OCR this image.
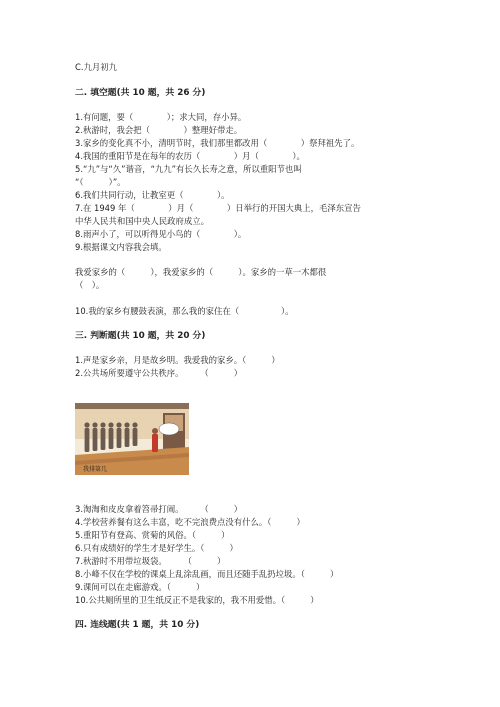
C.九月初九
二. 填空题(共 10 题，共 26 分)
1.有问题，要（　　　　）；求大同，存小异。
2.秋游时，我会把（　　　　）整理好带走。
3.家乡的变化真不小，清明节时，我们那里都改用（　　　　）祭拜祖先了。
4.我国的重阳节是在每年的农历（　　　　）月（　　　　）。
5.“九”与“久”谐音，“九九”有长久长寿之意，所以重阳节也叫
“（　　　）”。
6.我们共同行动，让教室更（　　　　）。
7.在 1949 年（　　　　）月（　　　　）日举行的开国大典上，毛泽东宣告
中华人民共和国中央人民政府成立。
8.雨声小了，可以听得见小鸟的（　　　　）。
9.根据课文内容我会填。
我爱家乡的（　　　），我爱家乡的（　　　）。家乡的一草一木都很
（　）。
10.我的家乡有腰鼓表演，那么我的家住在（　　　　　）。
三. 判断题(共 10 题，共 20 分)
1.声是家乡亲，月是故乡明。我爱我的家乡。（　　　）
2.公共场所要遵守公共秩序。　　　（　　　）
我排第几
3.淘淘和皮皮拿着笤帚打闹。　　　（　　　）
4.学校营养餐有这么丰富，吃不完浪费点没有什么。（　　　）
5.重阳节有登高、赏菊的风俗。（　　　）
6.只有成绩好的学生才是好学生。（　　　）
7.秋游时不用带垃圾袋。　　　（　　　）
8.小峰不仅在学校的课桌上乱涂乱画，而且还随手乱扔垃圾。（　　　）
9.课间可以在走廊游戏。（　　　）
10.公共厕所里的卫生纸反正不是我家的，我不用爱惜。（　　　）
四. 连线题(共 1 题，共 10 分)
